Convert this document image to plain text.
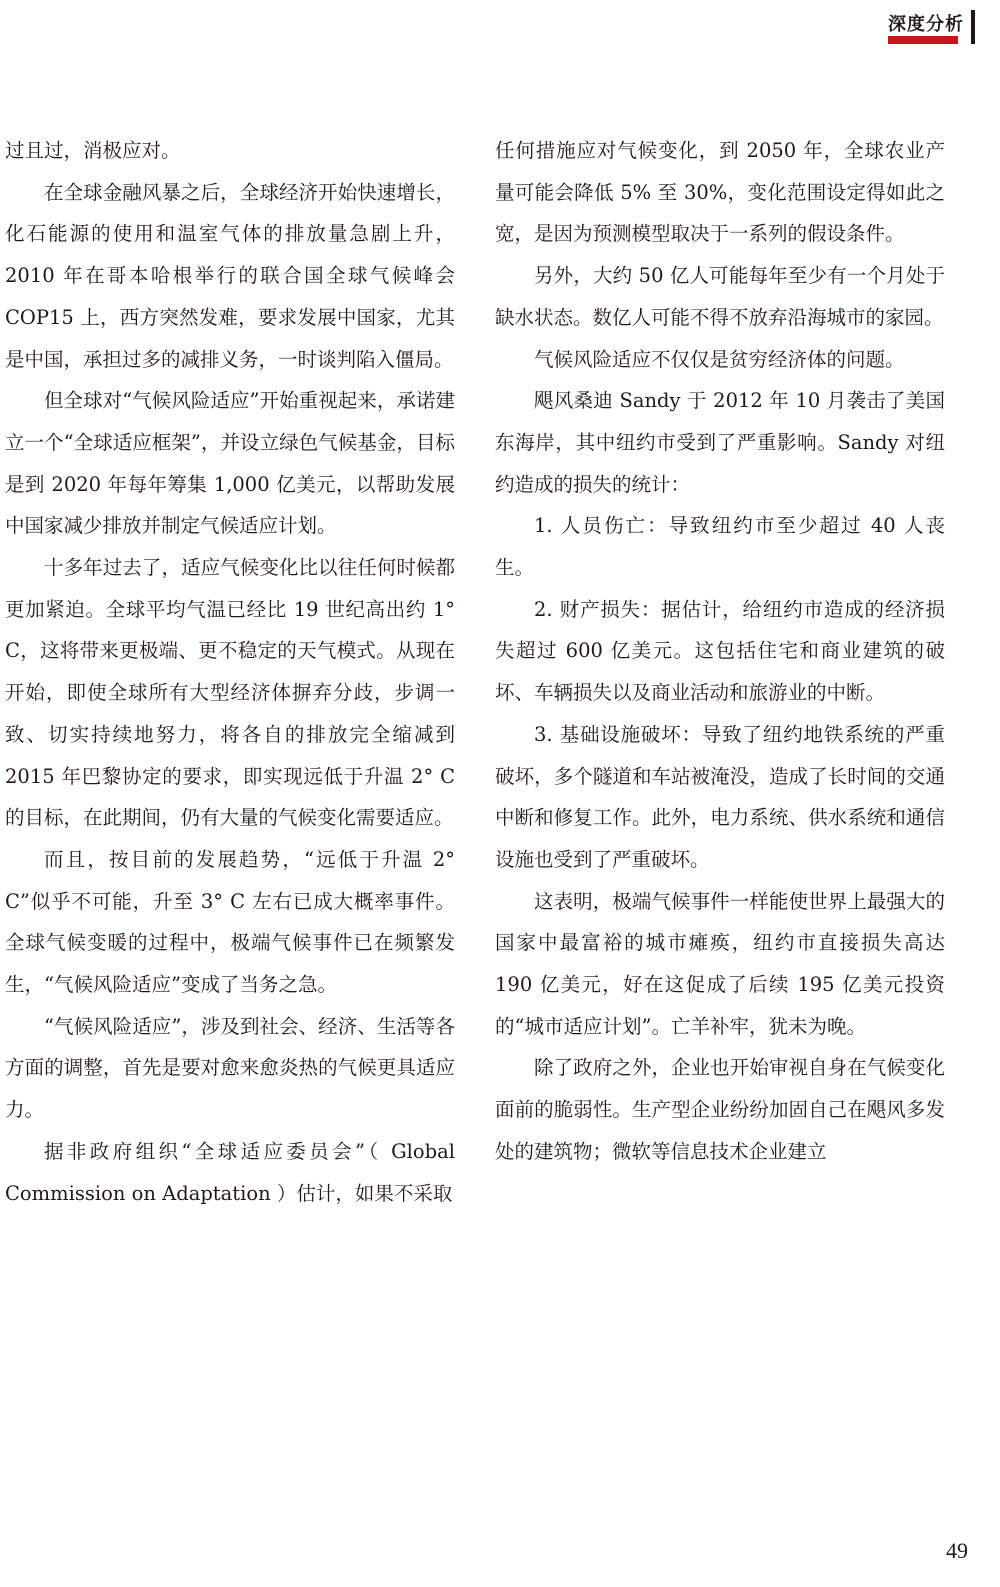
深度分析

过且过，消极应对。

在全球金融风暴之后，全球经济开始快速增长，化石能源的使用和温室气体的排放量急剧上升，2010 年在哥本哈根举行的联合国全球气候峰会 COP15 上，西方突然发难，要求发展中国家，尤其是中国，承担过多的减排义务，一时谈判陷入僵局。

但全球对“气候风险适应”开始重视起来，承诺建立一个“全球适应框架”，并设立绿色气候基金，目标是到 2020 年每年筹集 1,000 亿美元，以帮助发展中国家减少排放并制定气候适应计划。

十多年过去了，适应气候变化比以往任何时候都更加紧迫。全球平均气温已经比 19 世纪高出约 1° C，这将带来更极端、更不稳定的天气模式。从现在开始，即使全球所有大型经济体摒弃分歧，步调一致、切实持续地努力，将各自的排放完全缩减到 2015 年巴黎协定的要求，即实现远低于升温 2° C 的目标，在此期间，仍有大量的气候变化需要适应。

而且，按目前的发展趋势，“远低于升温 2° C”似乎不可能，升至 3° C 左右已成大概率事件。全球气候变暖的过程中，极端气候事件已在频繁发生，“气候风险适应”变成了当务之急。

“气候风险适应”，涉及到社会、经济、生活等各方面的调整，首先是要对愈来愈炎热的气候更具适应力。

据非政府组织“全球适应委员会”（ Global Commission on Adaptation ）估计，如果不采取

任何措施应对气候变化，到 2050 年，全球农业产量可能会降低 5% 至 30%，变化范围设定得如此之宽，是因为预测模型取决于一系列的假设条件。

另外，大约 50 亿人可能每年至少有一个月处于缺水状态。数亿人可能不得不放弃沿海城市的家园。

气候风险适应不仅仅是贫穷经济体的问题。

飓风桑迪 Sandy 于 2012 年 10 月袭击了美国东海岸，其中纽约市受到了严重影响。Sandy 对纽约造成的损失的统计：

1. 人员伤亡：导致纽约市至少超过 40 人丧生。

2. 财产损失：据估计，给纽约市造成的经济损失超过 600 亿美元。这包括住宅和商业建筑的破坏、车辆损失以及商业活动和旅游业的中断。

3. 基础设施破坏：导致了纽约地铁系统的严重破坏，多个隧道和车站被淹没，造成了长时间的交通中断和修复工作。此外，电力系统、供水系统和通信设施也受到了严重破坏。

这表明，极端气候事件一样能使世界上最强大的国家中最富裕的城市瘫痪，纽约市直接损失高达 190 亿美元，好在这促成了后续 195 亿美元投资的“城市适应计划”。亡羊补牢，犹未为晚。

除了政府之外，企业也开始审视自身在气候变化面前的脆弱性。生产型企业纷纷加固自己在飓风多发处的建筑物；微软等信息技术企业建立

49
